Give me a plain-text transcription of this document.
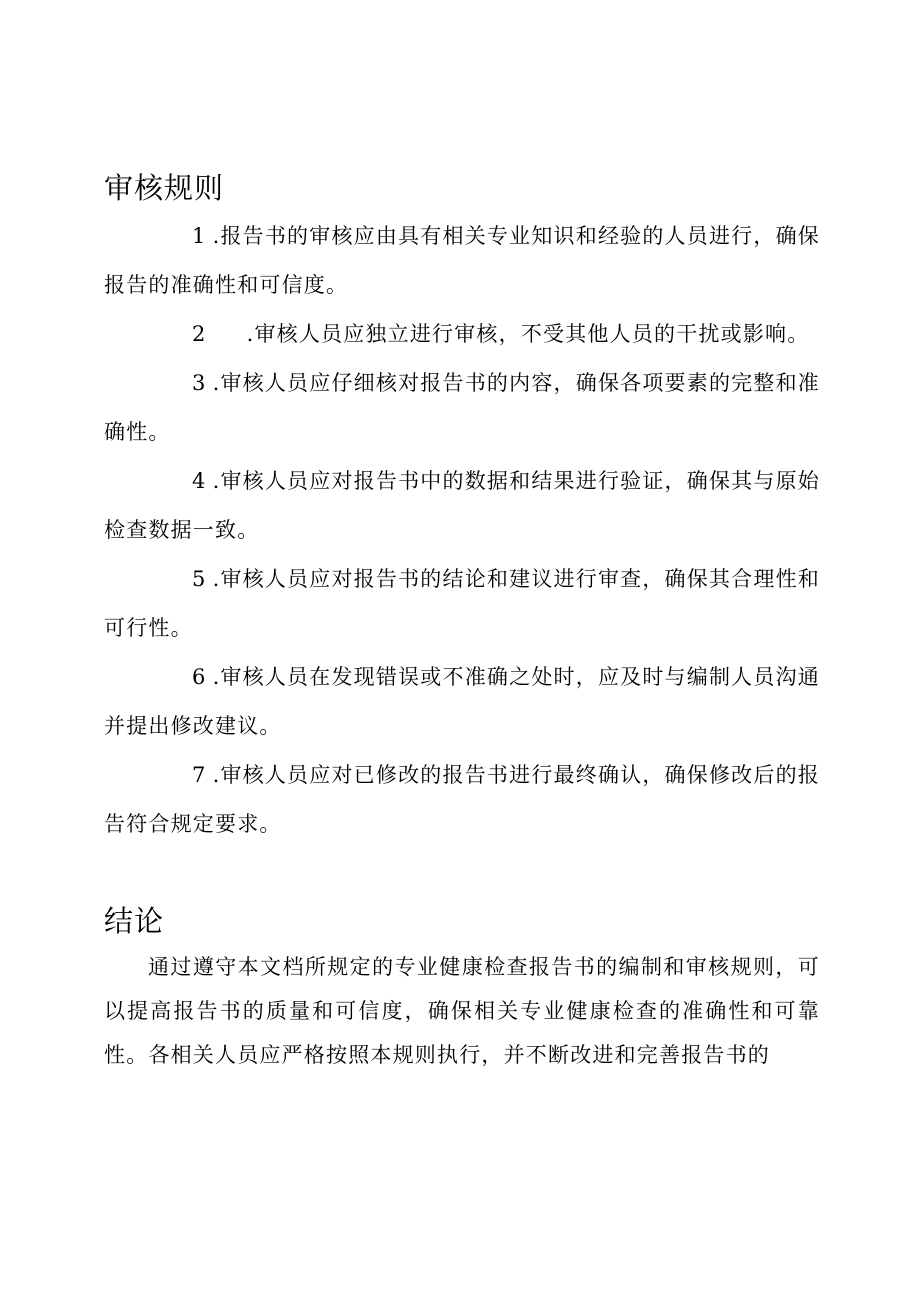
审核规则

1 .报告书的审核应由具有相关专业知识和经验的人员进行，确保报告的准确性和可信度。

2 .审核人员应独立进行审核，不受其他人员的干扰或影响。

3 .审核人员应仔细核对报告书的内容，确保各项要素的完整和准确性。

4 .审核人员应对报告书中的数据和结果进行验证，确保其与原始检查数据一致。

5 .审核人员应对报告书的结论和建议进行审查，确保其合理性和可行性。

6 .审核人员在发现错误或不准确之处时，应及时与编制人员沟通并提出修改建议。

7 .审核人员应对已修改的报告书进行最终确认，确保修改后的报告符合规定要求。

结论

通过遵守本文档所规定的专业健康检查报告书的编制和审核规则，可以提高报告书的质量和可信度，确保相关专业健康检查的准确性和可靠性。各相关人员应严格按照本规则执行，并不断改进和完善报告书的
